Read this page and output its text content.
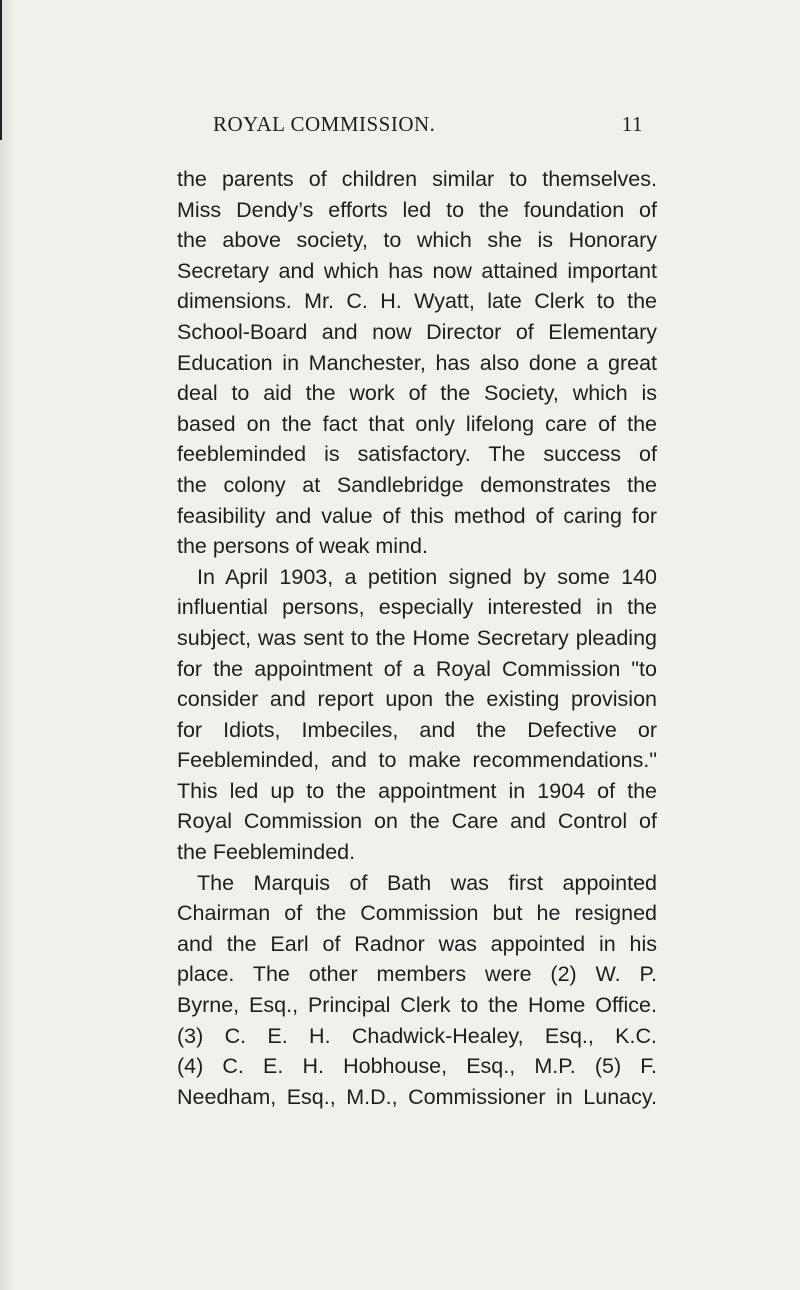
ROYAL COMMISSION.	11
the parents of children similar to themselves.
Miss Dendy’s efforts led to the foundation of
the above society, to which she is Honorary
Secretary and which has now attained important
dimensions. Mr. C. H. Wyatt, late Clerk to the
School-Board and now Director of Elementary
Education in Manchester, has also done a great
deal to aid the work of the Society, which is
based on the fact that only lifelong care of the
feebleminded is satisfactory. The success of
the colony at Sandlebridge demonstrates the
feasibility and value of this method of caring for
the persons of weak mind.
In April 1903, a petition signed by some 140
influential persons, especially interested in the
subject, was sent to the Home Secretary pleading
for the appointment of a Royal Commission "to
consider and report upon the existing provision
for Idiots, Imbeciles, and the Defective or
Feebleminded, and to make recommendations."
This led up to the appointment in 1904 of the
Royal Commission on the Care and Control of
the Feebleminded.
The Marquis of Bath was first appointed
Chairman of the Commission but he resigned
and the Earl of Radnor was appointed in his
place. The other members were (2) W. P.
Byrne, Esq., Principal Clerk to the Home Office.
(3) C. E. H. Chadwick-Healey, Esq., K.C.
(4) C. E. H. Hobhouse, Esq., M.P. (5) F.
Needham, Esq., M.D., Commissioner in Lunacy.
